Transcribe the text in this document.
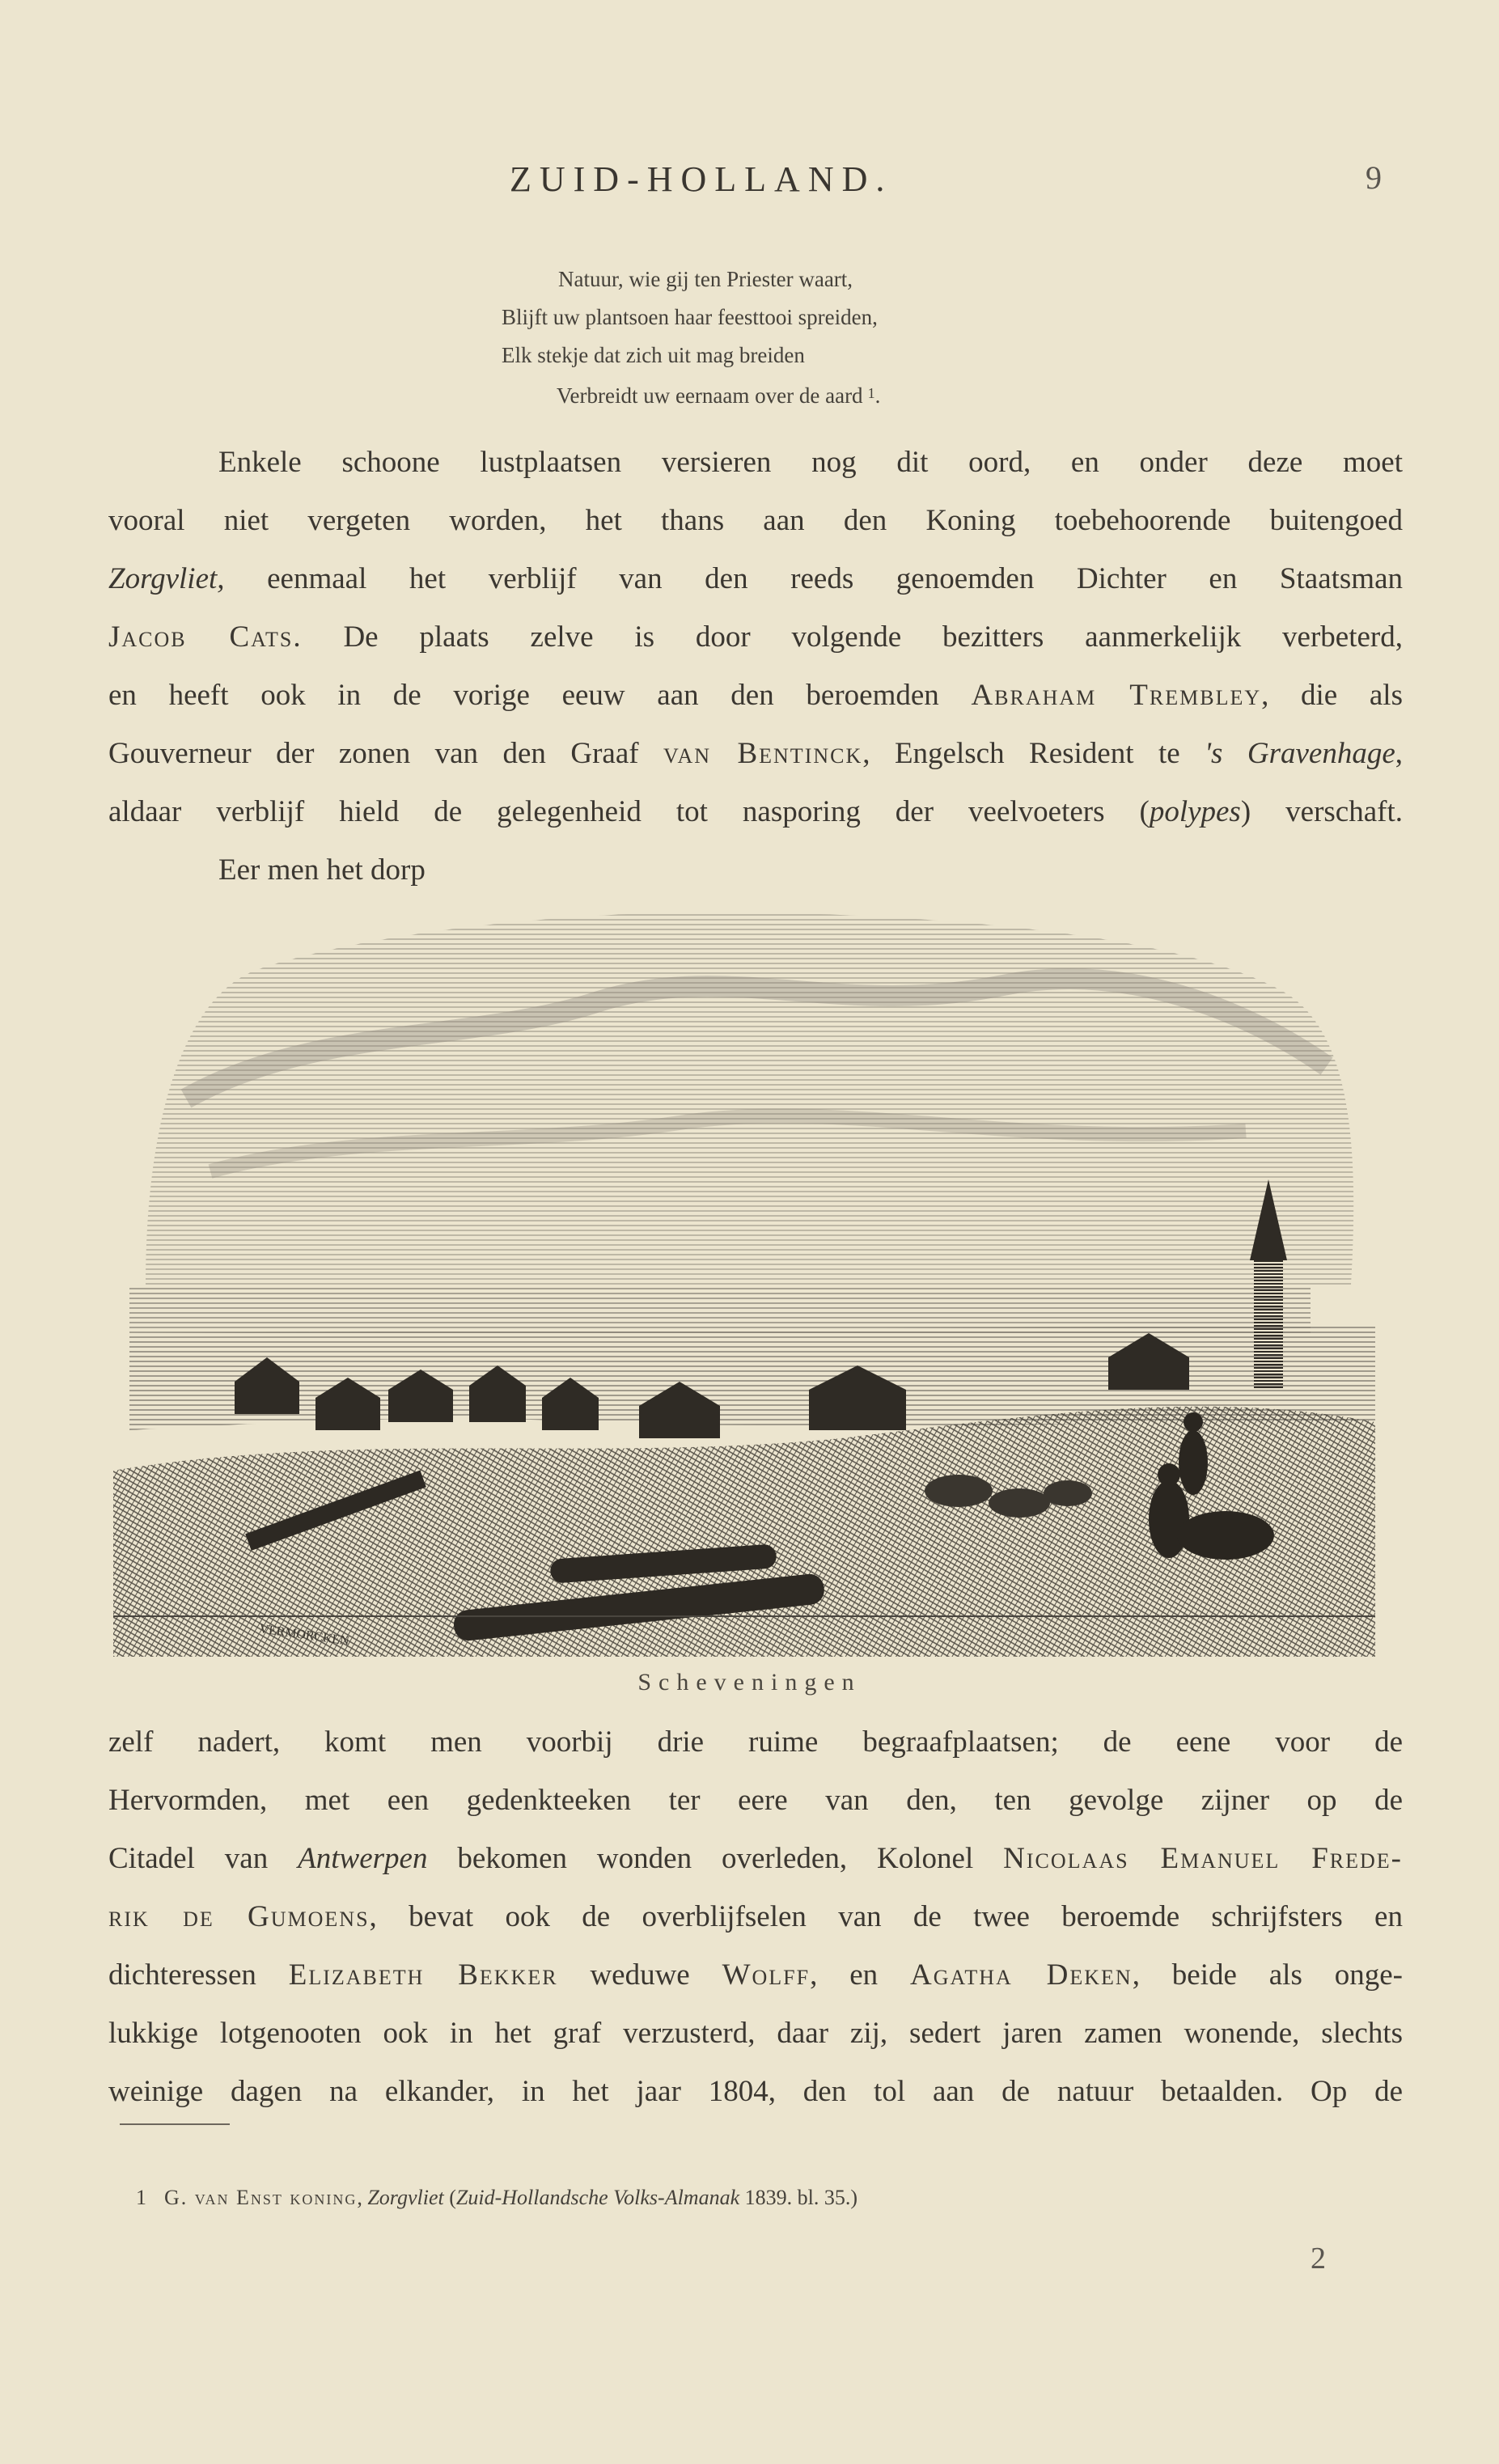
ZUID-HOLLAND.	9
Natuur, wie gij ten Priester waart,
Blijft uw plantsoen haar feesttooi spreiden,
Elk stekje dat zich uit mag breiden
Verbreidt uw eernaam over de aard $^1$.
Enkele schoone lustplaatsen versieren nog dit oord, en onder deze moet
vooral niet vergeten worden, het thans aan den Koning toebehoorende buitengoed
Zorgvliet, eenmaal het verblijf van den reeds genoemden Dichter en Staatsman
Jacob Cats. De plaats zelve is door volgende bezitters aanmerkelijk verbeterd,
en heeft ook in de vorige eeuw aan den beroemden Abraham Trembley, die als
Gouverneur der zonen van den Graaf van Bentinck, Engelsch Resident te 's Gravenhage,
aldaar verblijf hield de gelegenheid tot nasporing der veelvoeters (polypes) verschaft.
Eer men het dorp
VERMORCKEN
Scheveningen
zelf nadert, komt men voorbij drie ruime begraafplaatsen; de eene voor de
Hervormden, met een gedenkteeken ter eere van den, ten gevolge zijner op de
Citadel van Antwerpen bekomen wonden overleden, Kolonel Nicolaas Emanuel Frede-
rik de Gumoens, bevat ook de overblijfselen van de twee beroemde schrijfsters en
dichteressen Elizabeth Bekker weduwe Wolff, en Agatha Deken, beide als onge-
lukkige lotgenooten ook in het graf verzusterd, daar zij, sedert jaren zamen wonende, slechts
weinige dagen na elkander, in het jaar 1804, den tol aan de natuur betaalden. Op de
1 G. van Enst koning, Zorgvliet (Zuid-Hollandsche Volks-Almanak 1839. bl. 35.)
2
